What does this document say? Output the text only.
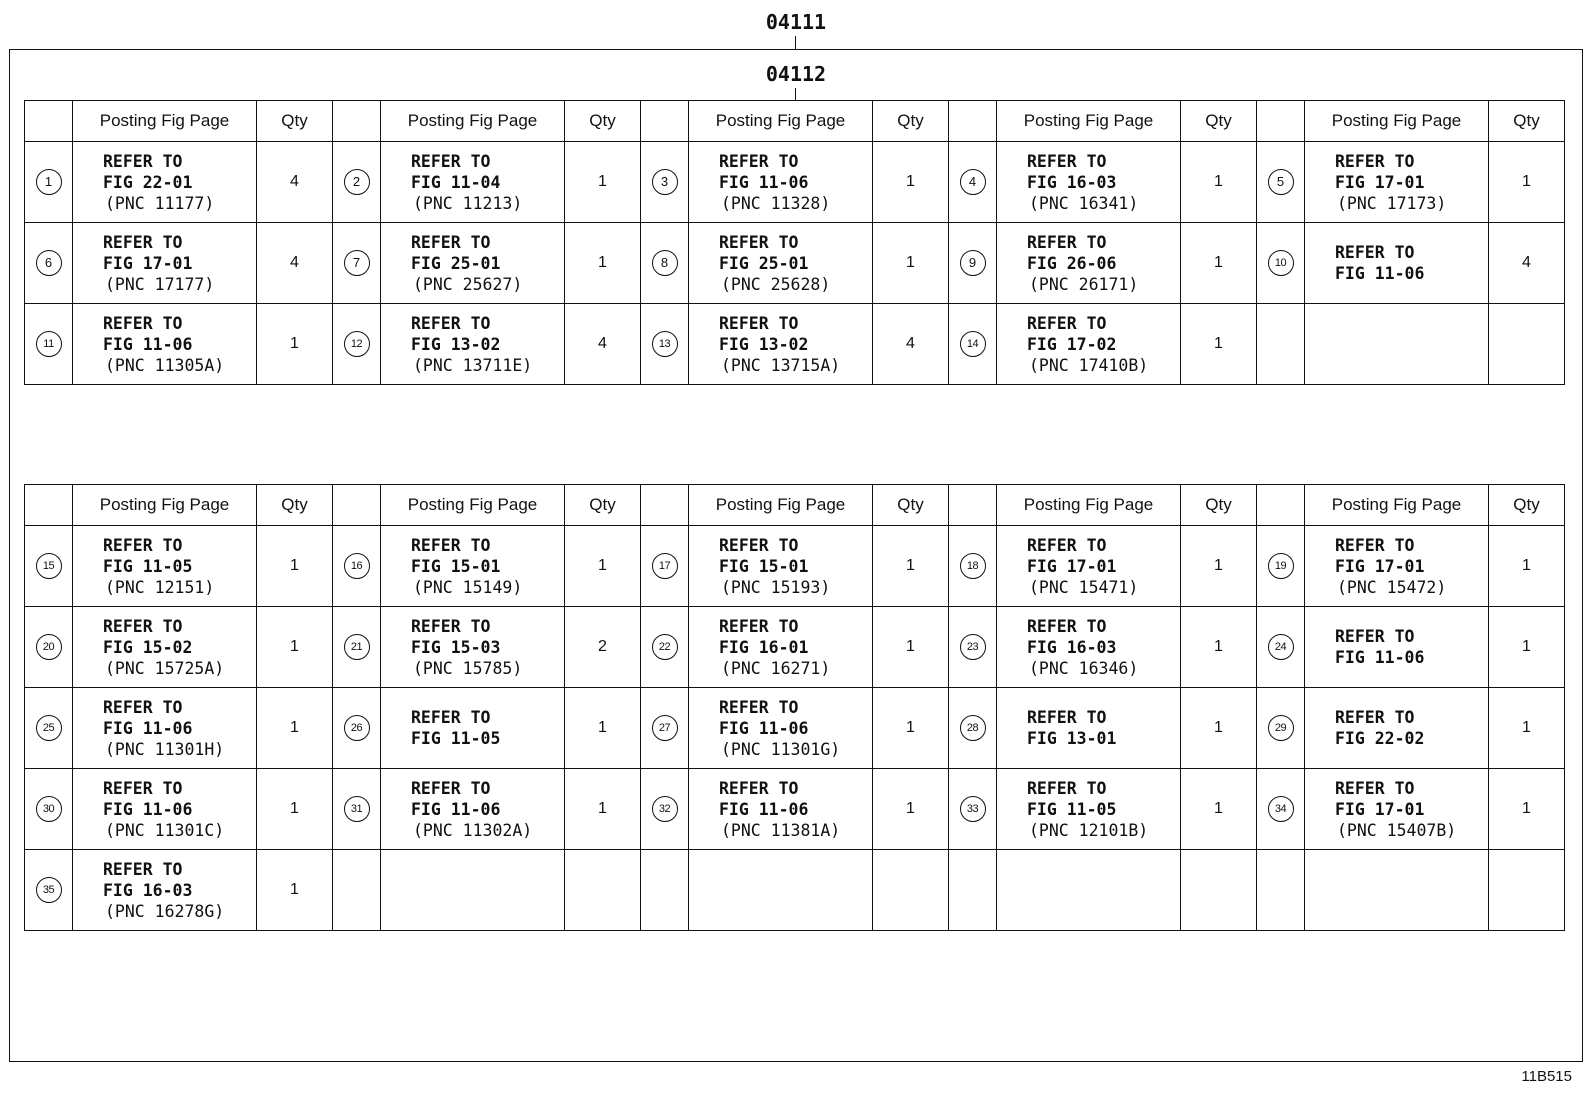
04111
04112
	Posting Fig Page	Qty		Posting Fig Page	Qty		Posting Fig Page	Qty		Posting Fig Page	Qty		Posting Fig Page	Qty
1	REFER TO
FIG 22-01
(PNC 11177)	4	2	REFER TO
FIG 11-04
(PNC 11213)	1	3	REFER TO
FIG 11-06
(PNC 11328)	1	4	REFER TO
FIG 16-03
(PNC 16341)	1	5	REFER TO
FIG 17-01
(PNC 17173)	1
6	REFER TO
FIG 17-01
(PNC 17177)	4	7	REFER TO
FIG 25-01
(PNC 25627)	1	8	REFER TO
FIG 25-01
(PNC 25628)	1	9	REFER TO
FIG 26-06
(PNC 26171)	1	10	REFER TO
FIG 11-06	4
11	REFER TO
FIG 11-06
(PNC 11305A)	1	12	REFER TO
FIG 13-02
(PNC 13711E)	4	13	REFER TO
FIG 13-02
(PNC 13715A)	4	14	REFER TO
FIG 17-02
(PNC 17410B)	1			
	Posting Fig Page	Qty		Posting Fig Page	Qty		Posting Fig Page	Qty		Posting Fig Page	Qty		Posting Fig Page	Qty
15	REFER TO
FIG 11-05
(PNC 12151)	1	16	REFER TO
FIG 15-01
(PNC 15149)	1	17	REFER TO
FIG 15-01
(PNC 15193)	1	18	REFER TO
FIG 17-01
(PNC 15471)	1	19	REFER TO
FIG 17-01
(PNC 15472)	1
20	REFER TO
FIG 15-02
(PNC 15725A)	1	21	REFER TO
FIG 15-03
(PNC 15785)	2	22	REFER TO
FIG 16-01
(PNC 16271)	1	23	REFER TO
FIG 16-03
(PNC 16346)	1	24	REFER TO
FIG 11-06	1
25	REFER TO
FIG 11-06
(PNC 11301H)	1	26	REFER TO
FIG 11-05	1	27	REFER TO
FIG 11-06
(PNC 11301G)	1	28	REFER TO
FIG 13-01	1	29	REFER TO
FIG 22-02	1
30	REFER TO
FIG 11-06
(PNC 11301C)	1	31	REFER TO
FIG 11-06
(PNC 11302A)	1	32	REFER TO
FIG 11-06
(PNC 11381A)	1	33	REFER TO
FIG 11-05
(PNC 12101B)	1	34	REFER TO
FIG 17-01
(PNC 15407B)	1
35	REFER TO
FIG 16-03
(PNC 16278G)	1												
11B515
